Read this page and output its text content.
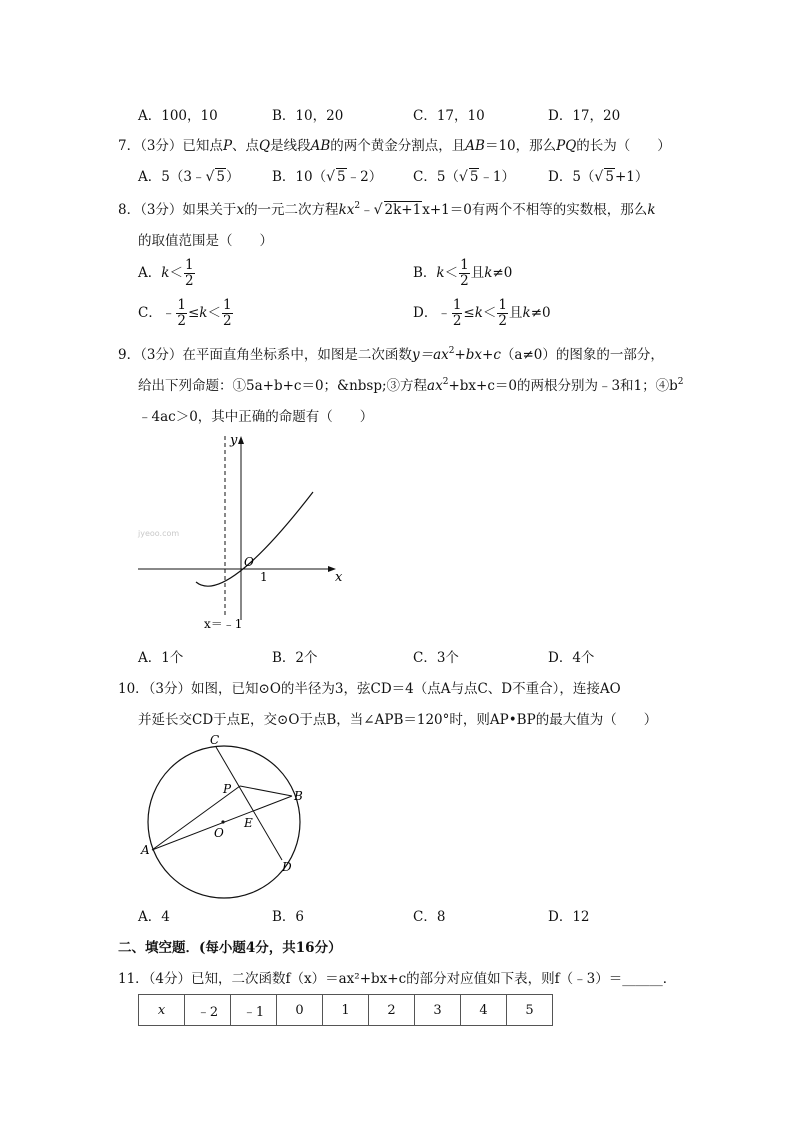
A．100，10	B．10，20	C．17，10	D．17，20
7．（3分）已知点P、点Q是线段AB的两个黄金分割点，且AB＝10，那么PQ的长为（　　）
A．5（3﹣√ 5） B．10（√ 5﹣2） C．5（√ 5﹣1） D．5（√ 5+1）
8．（3分）如果关于x的一元二次方程$kx^2﹣√$ 2k+1x+1＝0有两个不相等的实数根，那么k
的取值范围是（　　）
A．$k< \frac{1}{2}$	B．$k< \frac{1}{2}$ 且k≠0
C．﹣ $\frac{1}{2} \le k< \frac{1}{2}$	D．﹣ $\frac{1}{2} \le k< \frac{1}{2}$ 且k≠0
9．（3分）在平面直角坐标系中，如图是二次函数$y=ax^2+bx+c(a\ne 0)$的图象的一部分，
给出下列命题：①5a+b+c＝0；&nbsp;③方程$ax^2+bx+c=0$的两根分别为﹣3和1；$④b^2$
﹣4ac＞0，其中正确的命题有（　　）
y
x
O
1
x＝﹣1
jyeoo.com
A．1个	B．2个	C．3个	D．4个
10．（3分）如图，已知⊙O的半径为3，弦CD＝4（点A与点C、D不重合），连接AO
并延长交CD于点E，交⊙O于点B，当∠APB＝120°时，则AP•BP的最大值为（　　）
C
P	B
E
O
A
D
A．4	B．6	C．8	D．12
二、填空题．(每小题4分，共16分）
11．（4分）已知，二次函数f（x）＝ax²+bx+c的部分对应值如下表，则f（﹣3）＝______．
x	﹣2	﹣1	0	1	2	3	4	5
